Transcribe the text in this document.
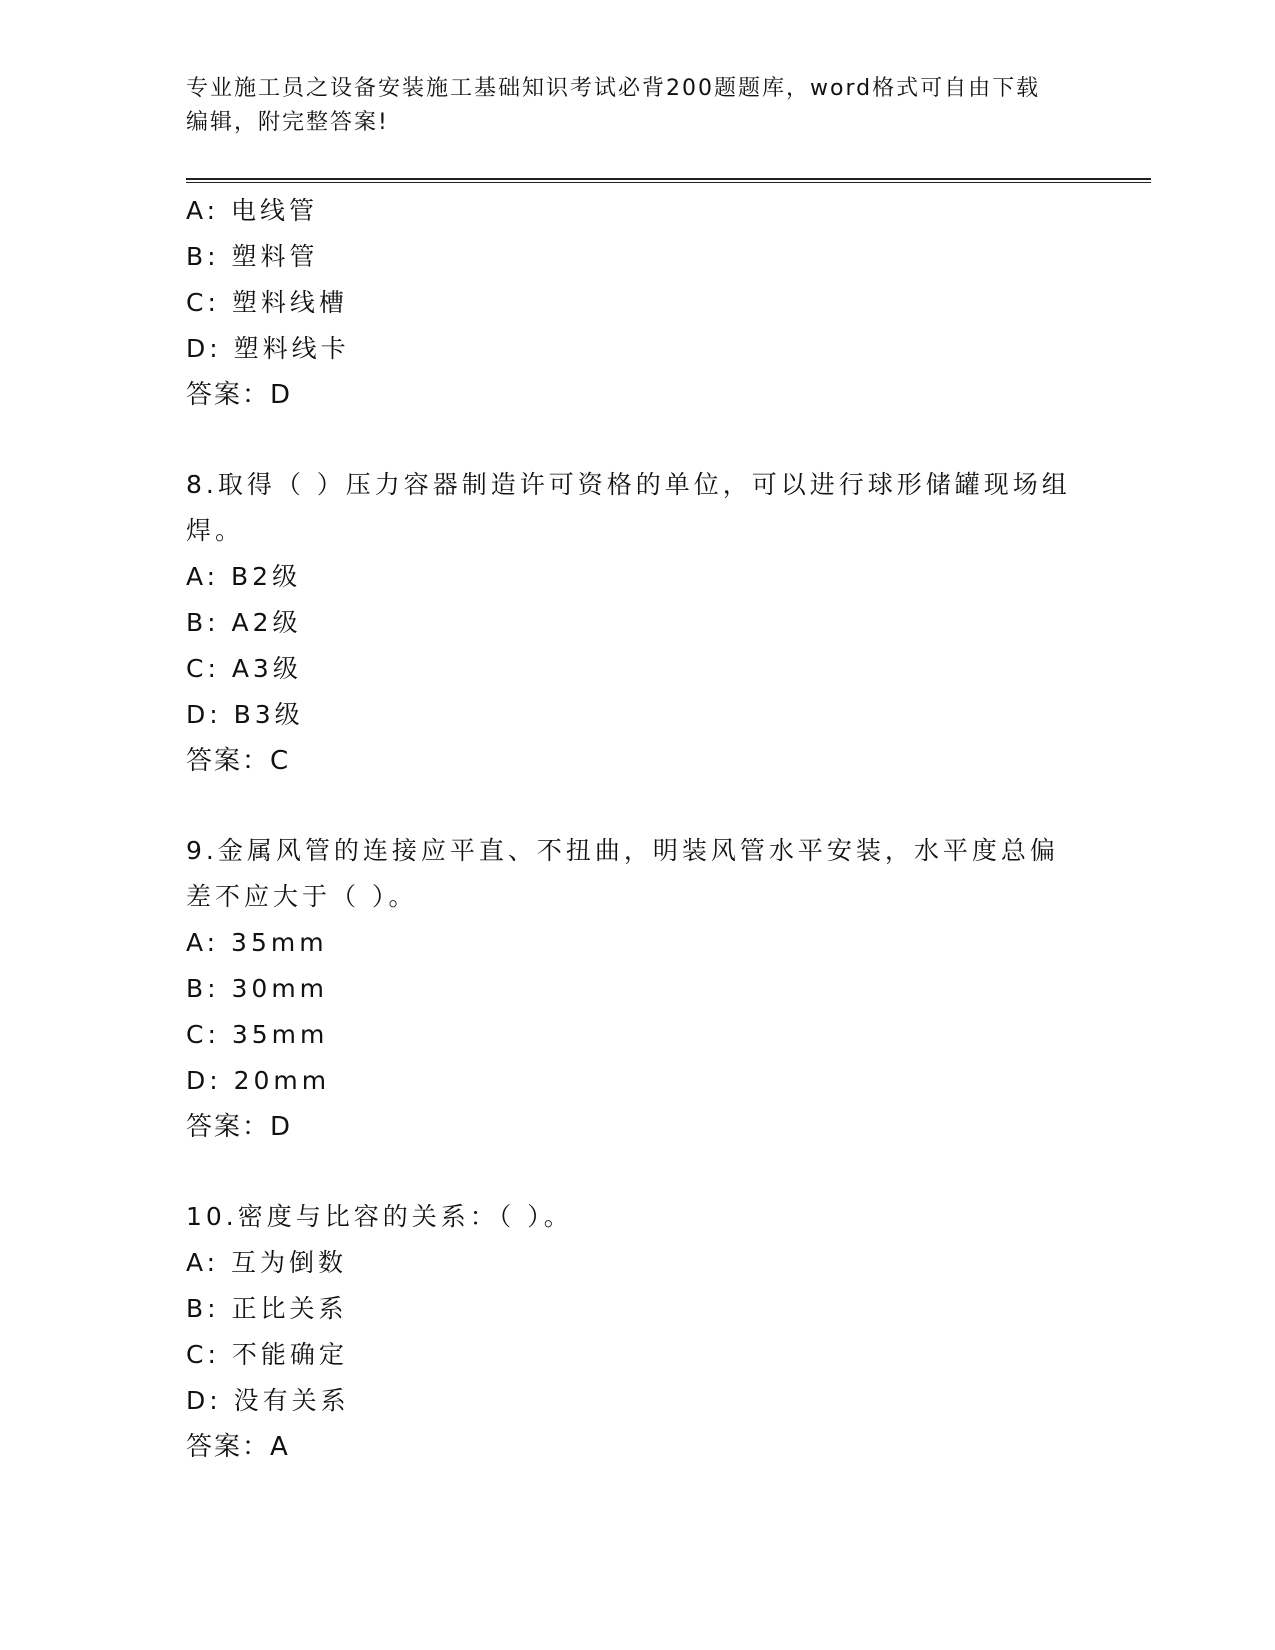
专业施工员之设备安装施工基础知识考试必背200题题库，word格式可自由下载
编辑，附完整答案!
A: 电线管
B: 塑料管
C: 塑料线槽
D: 塑料线卡
答案：D
8.取得（ ）压力容器制造许可资格的单位，可以进行球形储罐现场组
焊。
A: B2级
B: A2级
C: A3级
D: B3级
答案：C
9.金属风管的连接应平直、不扭曲，明装风管水平安装，水平度总偏
差不应大于（ ）。
A: 35mm
B: 30mm
C: 35mm
D: 20mm
答案：D
10.密度与比容的关系：（ ）。
A: 互为倒数
B: 正比关系
C: 不能确定
D: 没有关系
答案：A
